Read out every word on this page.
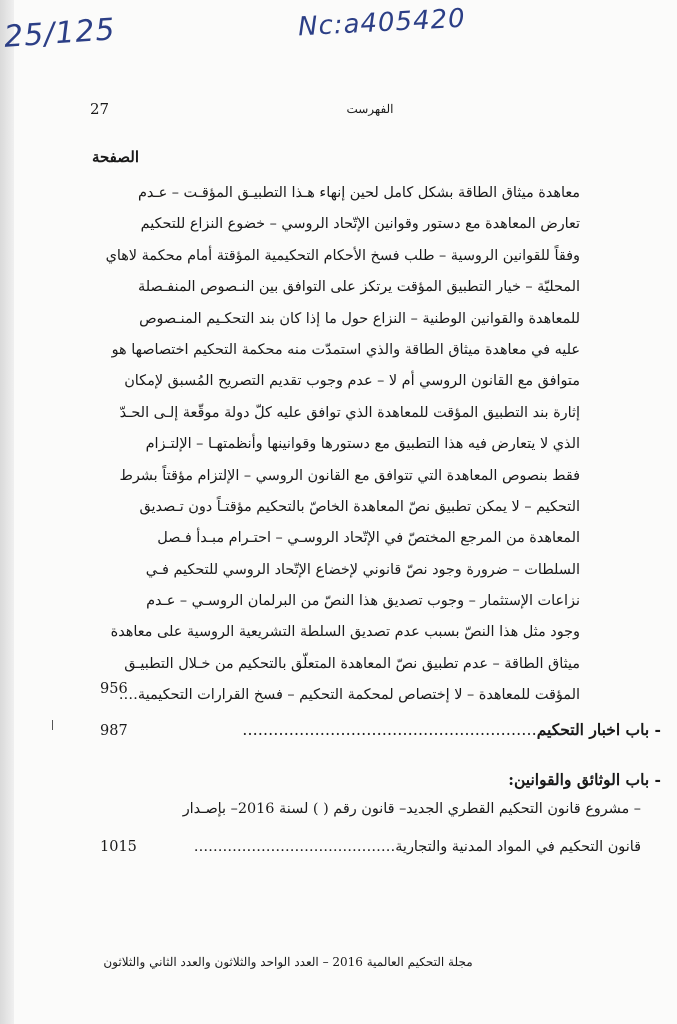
25/125	Nc:a405420
27	الفهرست
الصفحة
معاهدة ميثاق الطاقة بشكل كامل لحين إنهاء هـذا التطبيـق المؤقـت – عـدم
تعارض المعاهدة مع دستور وقوانين الإتّحاد الروسي – خضوع النزاع للتحكيم
وفقاً للقوانين الروسية – طلب فسخ الأحكام التحكيمية المؤقتة أمام محكمة لاهاي
المحليّة – خيار التطبيق المؤقت يرتكز على التوافق بين النـصوص المنفـصلة
للمعاهدة والقوانين الوطنية – النزاع حول ما إذا كان بند التحكـيم المنـصوص
عليه في معاهدة ميثاق الطاقة والذي استمدّت منه محكمة التحكيم اختصاصها هو
متوافق مع القانون الروسي أم لا – عدم وجوب تقديم التصريح المُسبق لإمكان
إثارة بند التطبيق المؤقت للمعاهدة الذي توافق عليه كلّ دولة موقّعة إلـى الحـدّ
الذي لا يتعارض فيه هذا التطبيق مع دستورها وقوانينها وأنظمتهـا – الإلتـزام
فقط بنصوص المعاهدة التي تتوافق مع القانون الروسي – الإلتزام مؤقتاً بشرط
التحكيم – لا يمكن تطبيق نصّ المعاهدة الخاصّ بالتحكيم مؤقتـاً دون تـصديق
المعاهدة من المرجع المختصّ في الإتّحاد الروسـي – احتـرام مبـدأ فـصل
السلطات – ضرورة وجود نصّ قانوني لإخضاع الإتّحاد الروسي للتحكيم فـي
نزاعات الإستثمار – وجوب تصديق هذا النصّ من البرلمان الروسـي – عـدم
وجود مثل هذا النصّ بسبب عدم تصديق السلطة التشريعية الروسية على معاهدة
ميثاق الطاقة – عدم تطبيق نصّ المعاهدة المتعلّق بالتحكيم من خـلال التطبيـق
المؤقت للمعاهدة – لا إختصاص لمحكمة التحكيم – فسخ القرارات التحكيمية….
956
- باب اخبار التحكيم…………………………………………………
987
- باب الوثائق والقوانين:
– مشروع قانون التحكيم القطري الجديد– قانون رقم ( ) لسنة 2016– بإصـدار
قانون التحكيم في المواد المدنية والتجارية……………………………………
1015
مجلة التحكيم العالمية 2016 – العدد الواحد والثلاثون والعدد الثاني والثلاثون
